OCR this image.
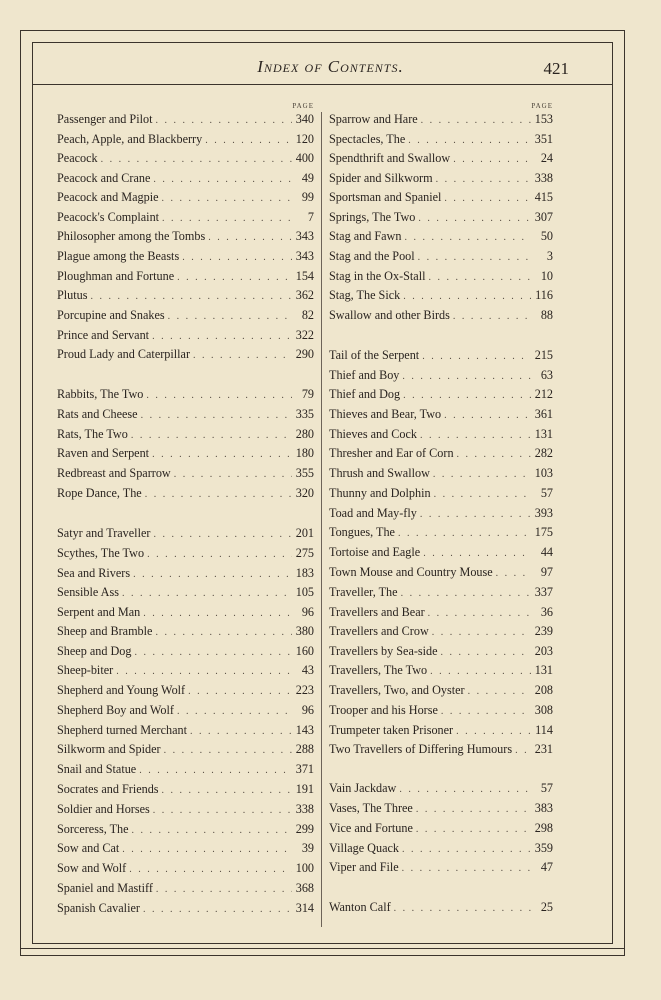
Index of Contents.	421
PAGE
Passenger and Pilot . . .	340
Peach, Apple, and Blackberry . . .	120
Peacock . . .	400
Peacock and Crane . . .	49
Peacock and Magpie . . .	99
Peacock's Complaint . . .	7
Philosopher among the Tombs . . .	343
Plague among the Beasts . . .	343
Ploughman and Fortune . . .	154
Plutus . . .	362
Porcupine and Snakes . . .	82
Prince and Servant . . .	322
Proud Lady and Caterpillar . . .	290
Rabbits, The Two . . .	79
Rats and Cheese . . .	335
Rats, The Two . . .	280
Raven and Serpent . . .	180
Redbreast and Sparrow . . .	355
Rope Dance, The . . .	320
Satyr and Traveller . . .	201
Scythes, The Two . . .	275
Sea and Rivers . . .	183
Sensible Ass . . .	105
Serpent and Man . . .	96
Sheep and Bramble . . .	380
Sheep and Dog . . .	160
Sheep-biter . . .	43
Shepherd and Young Wolf . . .	223
Shepherd Boy and Wolf . . .	96
Shepherd turned Merchant . . .	143
Silkworm and Spider . . .	288
Snail and Statue . . .	371
Socrates and Friends . . .	191
Soldier and Horses . . .	338
Sorceress, The . . .	299
Sow and Cat . . .	39
Sow and Wolf . . .	100
Spaniel and Mastiff . . .	368
Spanish Cavalier . . .	314
PAGE
Sparrow and Hare . . .	153
Spectacles, The . . .	351
Spendthrift and Swallow . . .	24
Spider and Silkworm . . .	338
Sportsman and Spaniel . . .	415
Springs, The Two . . .	307
Stag and Fawn . . .	50
Stag and the Pool . . .	3
Stag in the Ox-Stall . . .	10
Stag, The Sick . . .	116
Swallow and other Birds . . .	88
Tail of the Serpent . . .	215
Thief and Boy . . .	63
Thief and Dog . . .	212
Thieves and Bear, Two . . .	361
Thieves and Cock . . .	131
Thresher and Ear of Corn . . .	282
Thrush and Swallow . . .	103
Thunny and Dolphin . . .	57
Toad and May-fly . . .	393
Tongues, The . . .	175
Tortoise and Eagle . . .	44
Town Mouse and Country Mouse . . .	97
Traveller, The . . .	337
Travellers and Bear . . .	36
Travellers and Crow . . .	239
Travellers by Sea-side . . .	203
Travellers, The Two . . .	131
Travellers, Two, and Oyster . . .	208
Trooper and his Horse . . .	308
Trumpeter taken Prisoner . . .	114
Two Travellers of Differing Humours . . .	231
Vain Jackdaw . . .	57
Vases, The Three . . .	383
Vice and Fortune . . .	298
Village Quack . . .	359
Viper and File . . .	47
Wanton Calf . . .	25
